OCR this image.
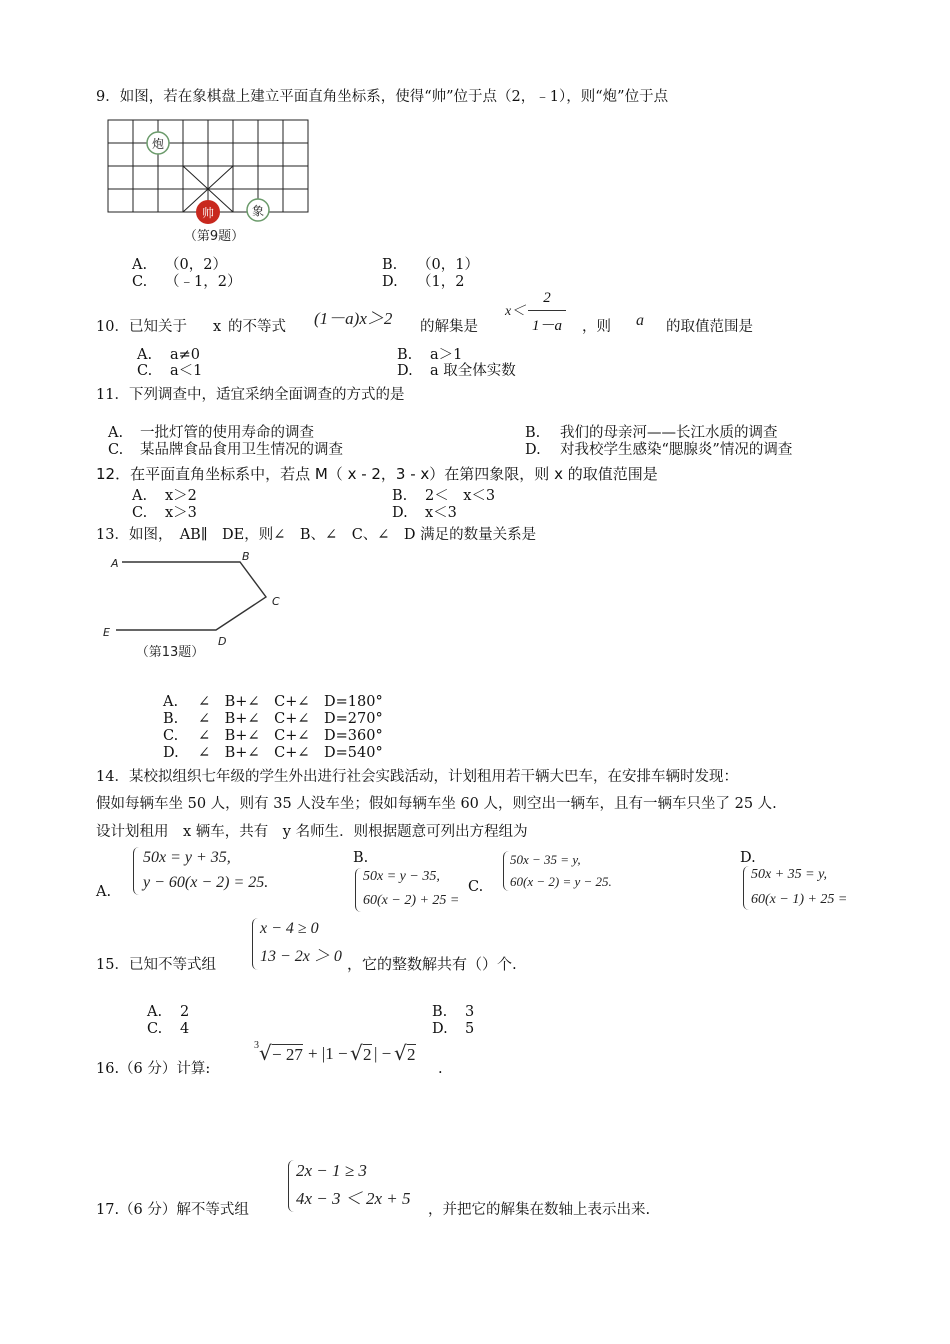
9．如图，若在象棋盘上建立平面直角坐标系，使得“帅”位于点（2，﹣1），则“炮”位于点
炮
帅	象
（第9题）
A. （0，2）	B. （0，1）
C. （﹣1，2）	D. （1，2
10．已知关于 x 的不等式 (1－a)x＞2 的解集是
x＜
2
1－a	，则 a 的取值范围是
A. a≠0	B. a＞1
C. a＜1	D. a 取全体实数
11．下列调查中，适宜采纳全面调查的方式的是
A. 一批灯管的使用寿命的调查	B. 我们的母亲河——长江水质的调查
C. 某品牌食品食用卫生情况的调查	D. 对我校学生感染“腮腺炎”情况的调查
12．在平面直角坐标系中，若点 M（ x - 2，3 - x）在第四象限，则 x 的取值范围是
A. x＞2	B. 2＜　x＜3
C. x＞3	D. x＜3
13．如图，　AB∥　DE，则∠　B、∠　C、∠　D 满足的数量关系是
A
B
C
D
E
（第13题）
A. ∠　B+∠　C+∠　D=180°
B. ∠　B+∠　C+∠　D=270°
C. ∠　B+∠　C+∠　D=360°
D. ∠　B+∠　C+∠　D=540°
14．某校拟组织七年级的学生外出进行社会实践活动，计划租用若干辆大巴车，在安排车辆时发现：
假如每辆车坐 50 人，则有 35 人没车坐；假如每辆车坐 60 人，则空出一辆车，且有一辆车只坐了 25 人.
设计划租用　x 辆车，共有　y 名师生．则根据题意可列出方程组为
A.
50x = y + 35,
y − 60(x − 2) = 25.
B.
50x = y − 35,
60(x − 2) + 25 =
C.
50x − 35 = y,
60(x − 2) = y − 25.
D.
50x + 35 = y,
60(x − 1) + 25 =
15．已知不等式组
x − 4 ≥ 0
13 − 2x ＞ 0 ，它的整数解共有（）个.
A. 2	B. 3
C. 4	D. 5
16.（6 分）计算:
3 √ − 27 + |1 − √ 2 | − √ 2
.
17.（6 分）解不等式组
2x − 1 ≥ 3
4x − 3 ＜ 2x + 5
，并把它的解集在数轴上表示出来.
